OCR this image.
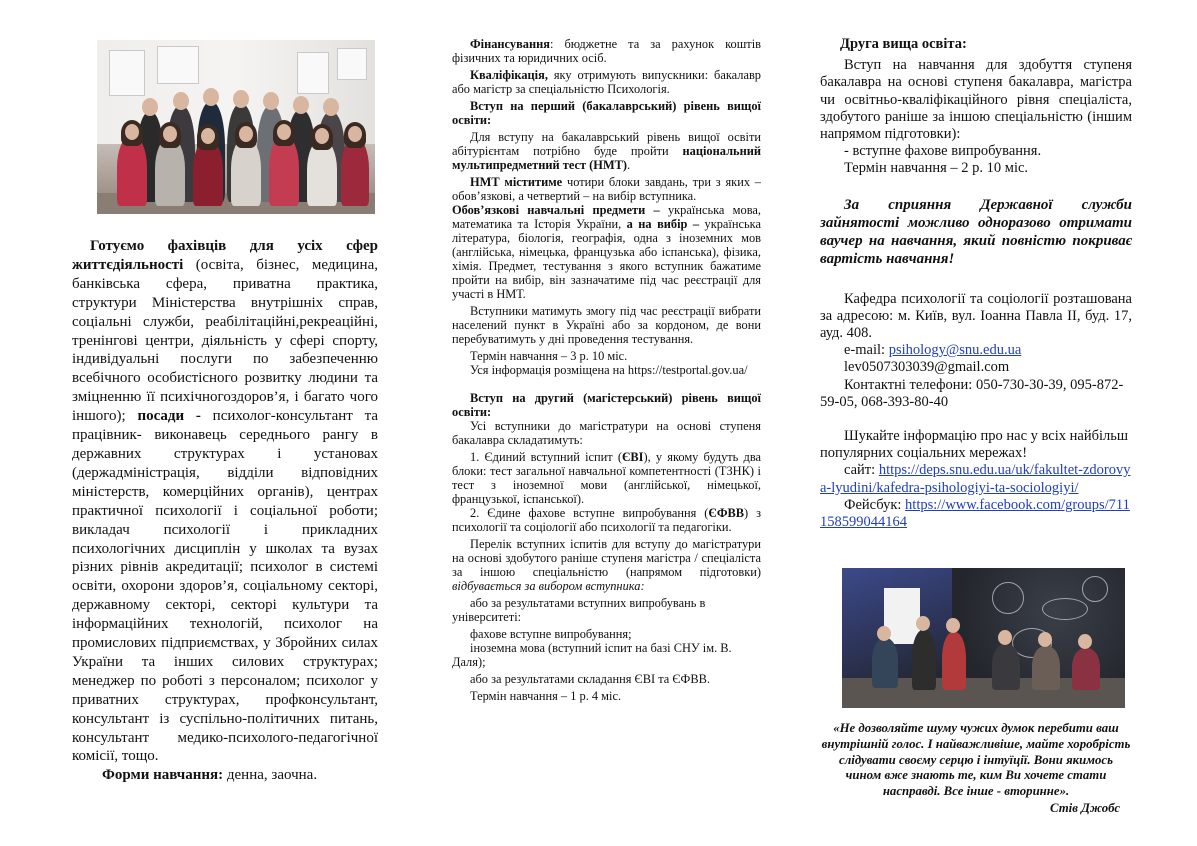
Готуємо фахівців для усіх сфер життєдіяльності (освіта, бізнес, медицина, банківська сфера, приватна практика, структури Міністерства внутрішніх справ, соціальні служби, реабілітаційні,рекреаційні, тренінгові центри, діяльність у сфері спорту, індивідуальні послуги по забезпеченню всебічного особистісного розвитку людини та зміцненню її психічногоздоров’я, і багато чого іншого); посади - психолог-консультант та працівник- виконавець середнього рангу в державних структурах і установах (держадміністрація, відділи відповідних міністерств, комерційних органів), центрах практичної психології і соціальної роботи; викладач психології і прикладних психологічних дисциплін у школах та вузах різних рівнів акредитації; психолог в системі освіти, охорони здоров’я, соціальному секторі, державному секторі, секторі культури та інформаційних технологій, психолог на промислових підприємствах, у Збройних силах України та інших силових структурах; менеджер по роботі з персоналом; психолог у приватних структурах, профконсультант, консультант із суспільно-політичних питань, консультант медико-психолого-педагогічної комісії, тощо.
Форми навчання: денна, заочна.

Фінансування: бюджетне та за рахунок коштів фізичних та юридичних осіб.

Кваліфікація, яку отримують випускники: бакалавр або магістр за спеціальністю Психологія.

Вступ на перший (бакалаврський) рівень вищої освіти:

Для вступу на бакалаврський рівень вищої освіти абітурієнтам потрібно буде пройти національний мультипредметний тест (НМТ).

НМТ міститиме чотири блоки завдань, три з яких – обов’язкові, а четвертий – на вибір вступника.

Обов’язкові навчальні предмети – українська мова, математика та Історія України, а на вибір – українська література, біологія, географія, одна з іноземних мов (англійська, німецька, французька або іспанська), фізика, хімія. Предмет, тестування з якого вступник бажатиме пройти на вибір, він зазначатиме під час реєстрації для участі в НМТ.

Вступники матимуть змогу під час реєстрації вибрати населений пункт в Україні або за кордоном, де вони перебуватимуть у дні проведення тестування.

Термін навчання – 3 р. 10 міс.

Уся інформація розміщена на https://testportal.gov.ua/

Вступ на другий (магістерський) рівень вищої освіти:

Усі вступники до магістратури на основі ступеня бакалавра складатимуть:

1. Єдиний вступний іспит (ЄВІ), у якому будуть два блоки: тест загальної навчальної компетентності (ТЗНК) і тест з іноземної мови (англійської, німецької, французької, іспанської).

2. Єдине фахове вступне випробування (ЄФВВ) з психології та соціології або психології та педагогіки.

Перелік вступних іспитів для вступу до магістратури на основі здобутого раніше ступеня магістра / спеціаліста за іншою спеціальністю (напрямом підготовки) відбувається за вибором вступника:

або за результатами вступних випробувань в університеті:

фахове вступне випробування;

іноземна мова (вступний іспит на базі СНУ ім. В. Даля);

або за результатами складання ЄВІ та ЄФВВ.

Термін навчання – 1 р. 4 міс.

Друга вища освіта:

Вступ на навчання для здобуття ступеня бакалавра на основі ступеня бакалавра, магістра чи освітньо-кваліфікаційного рівня спеціаліста, здобутого раніше за іншою спеціальністю (іншим напрямом підготовки):

- вступне фахове випробування.

Термін навчання – 2 р. 10 міс.

За сприяння Державної служби зайнятості можливо одноразово отримати ваучер на навчання, який повністю покриває вартість навчання!

Кафедра психології та соціології розташована за адресою: м. Київ, вул. Іоанна Павла ІІ, буд. 17, ауд. 408.

e-mail: psihology@snu.edu.ua

lev0507303039@gmail.com

Контактні телефони: 050-730-30-39, 095-872-59-05, 068-393-80-40

Шукайте інформацію про нас у всіх найбільш популярних соціальних мережах!

сайт: https://deps.snu.edu.ua/uk/fakultet-zdorovya-lyudini/kafedra-psihologiyi-ta-sociologiyi/

Фейсбук: https://www.facebook.com/groups/711158599044164

«Не дозволяйте шуму чужих думок перебити ваш внутрішній голос. І найважливіше, майте хоробрість слідувати своєму серцю і інтуїції. Вони якимось чином вже знають те, ким Ви хочете стати насправді. Все інше - вторинне».

Стів Джобс
